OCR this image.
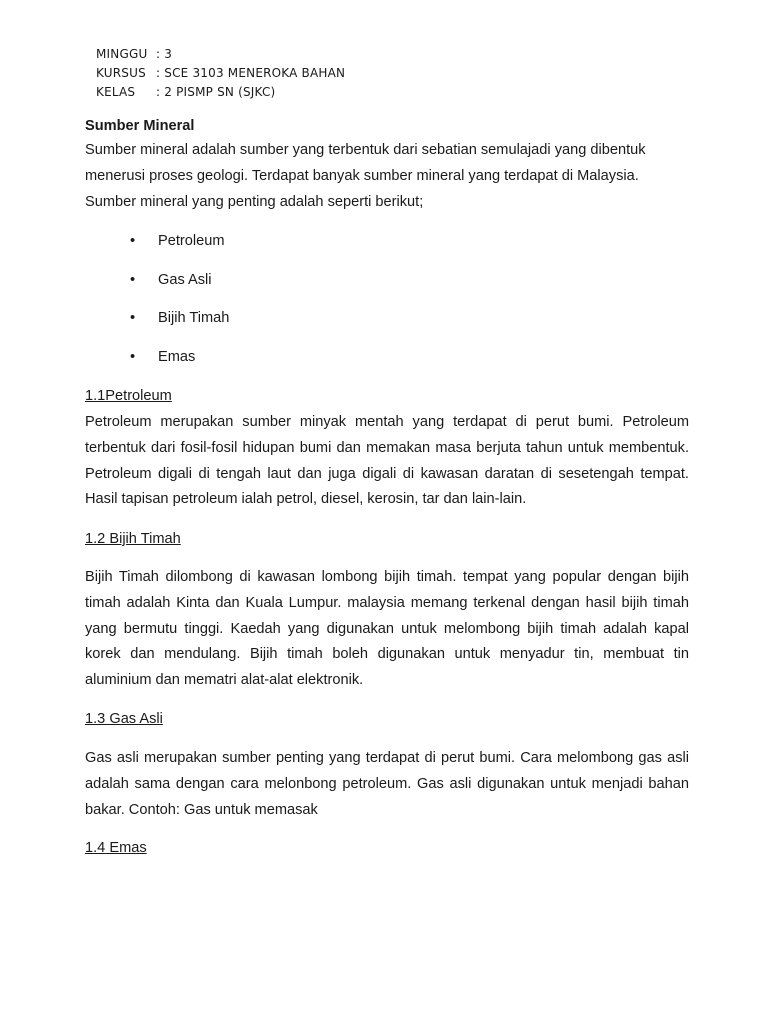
MINGGU : 3
KURSUS : SCE 3103 MENEROKA BAHAN
KELAS : 2 PISMP SN (SJKC)
Sumber Mineral

Sumber mineral adalah sumber yang terbentuk dari sebatian semulajadi yang dibentuk menerusi proses geologi. Terdapat banyak sumber mineral yang terdapat di Malaysia. Sumber mineral yang penting adalah seperti berikut;

• Petroleum
• Gas Asli
• Bijih Timah
• Emas
1.1Petroleum

Petroleum merupakan sumber minyak mentah yang terdapat di perut bumi. Petroleum terbentuk dari fosil-fosil hidupan bumi dan memakan masa berjuta tahun untuk membentuk. Petroleum digali di tengah laut dan juga digali di kawasan daratan di sesetengah tempat. Hasil tapisan petroleum ialah petrol, diesel, kerosin, tar dan lain-lain.

1.2 Bijih Timah

Bijih Timah dilombong di kawasan lombong bijih timah. tempat yang popular dengan bijih timah adalah Kinta dan Kuala Lumpur. malaysia memang terkenal dengan hasil bijih timah yang bermutu tinggi. Kaedah yang digunakan untuk melombong bijih timah adalah kapal korek dan mendulang. Bijih timah boleh digunakan untuk menyadur tin, membuat tin aluminium dan mematri alat-alat elektronik.

1.3 Gas Asli

Gas asli merupakan sumber penting yang terdapat di perut bumi. Cara melombong gas asli adalah sama dengan cara melonbong petroleum. Gas asli digunakan untuk menjadi bahan bakar. Contoh: Gas untuk memasak

1.4 Emas
